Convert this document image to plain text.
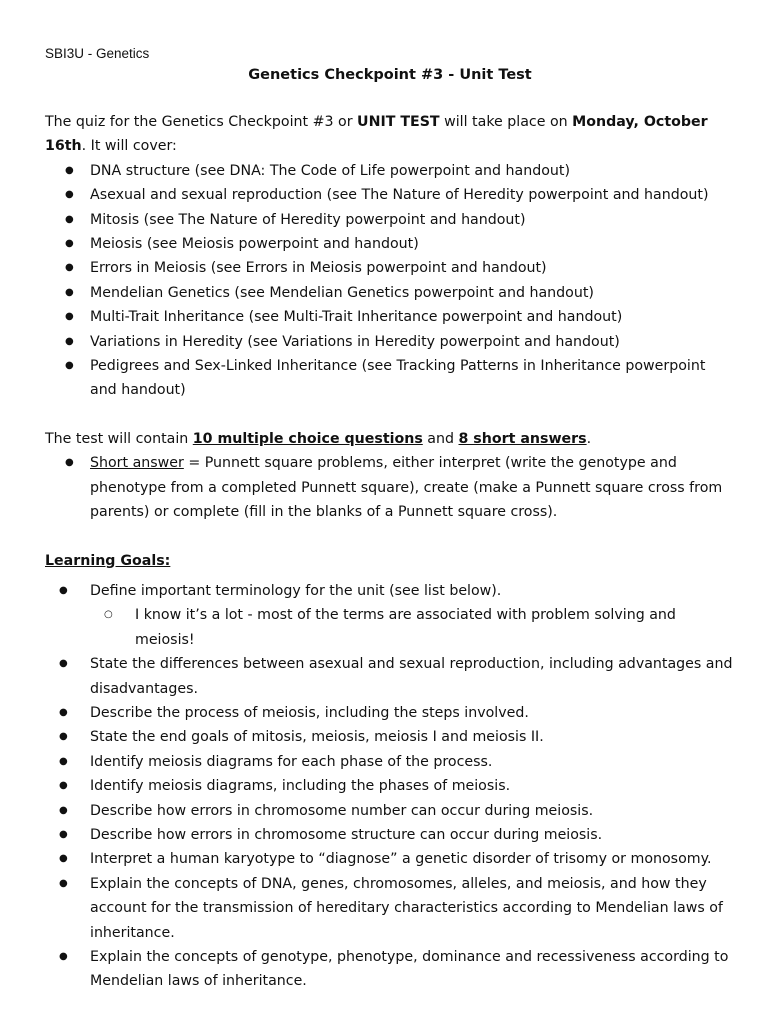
SBI3U - Genetics
Genetics Checkpoint #3 - Unit Test

The quiz for the Genetics Checkpoint #3 or UNIT TEST will take place on Monday, October 16th. It will cover:

● DNA structure (see DNA: The Code of Life powerpoint and handout)
● Asexual and sexual reproduction (see The Nature of Heredity powerpoint and handout)
● Mitosis (see The Nature of Heredity powerpoint and handout)
● Meiosis (see Meiosis powerpoint and handout)
● Errors in Meiosis (see Errors in Meiosis powerpoint and handout)
● Mendelian Genetics (see Mendelian Genetics powerpoint and handout)
● Multi-Trait Inheritance (see Multi-Trait Inheritance powerpoint and handout)
● Variations in Heredity (see Variations in Heredity powerpoint and handout)
● Pedigrees and Sex-Linked Inheritance (see Tracking Patterns in Inheritance powerpoint and handout)

The test will contain 10 multiple choice questions and 8 short answers.

● Short answer = Punnett square problems, either interpret (write the genotype and phenotype from a completed Punnett square), create (make a Punnett square cross from parents) or complete (fill in the blanks of a Punnett square cross).

Learning Goals:

● Define important terminology for the unit (see list below).
○ I know it’s a lot - most of the terms are associated with problem solving and meiosis!
● State the differences between asexual and sexual reproduction, including advantages and disadvantages.
● Describe the process of meiosis, including the steps involved.
● State the end goals of mitosis, meiosis, meiosis I and meiosis II.
● Identify meiosis diagrams for each phase of the process.
● Identify meiosis diagrams, including the phases of meiosis.
● Describe how errors in chromosome number can occur during meiosis.
● Describe how errors in chromosome structure can occur during meiosis.
● Interpret a human karyotype to “diagnose” a genetic disorder of trisomy or monosomy.
● Explain the concepts of DNA, genes, chromosomes, alleles, and meiosis, and how they account for the transmission of hereditary characteristics according to Mendelian laws of inheritance.
● Explain the concepts of genotype, phenotype, dominance and recessiveness according to Mendelian laws of inheritance.
